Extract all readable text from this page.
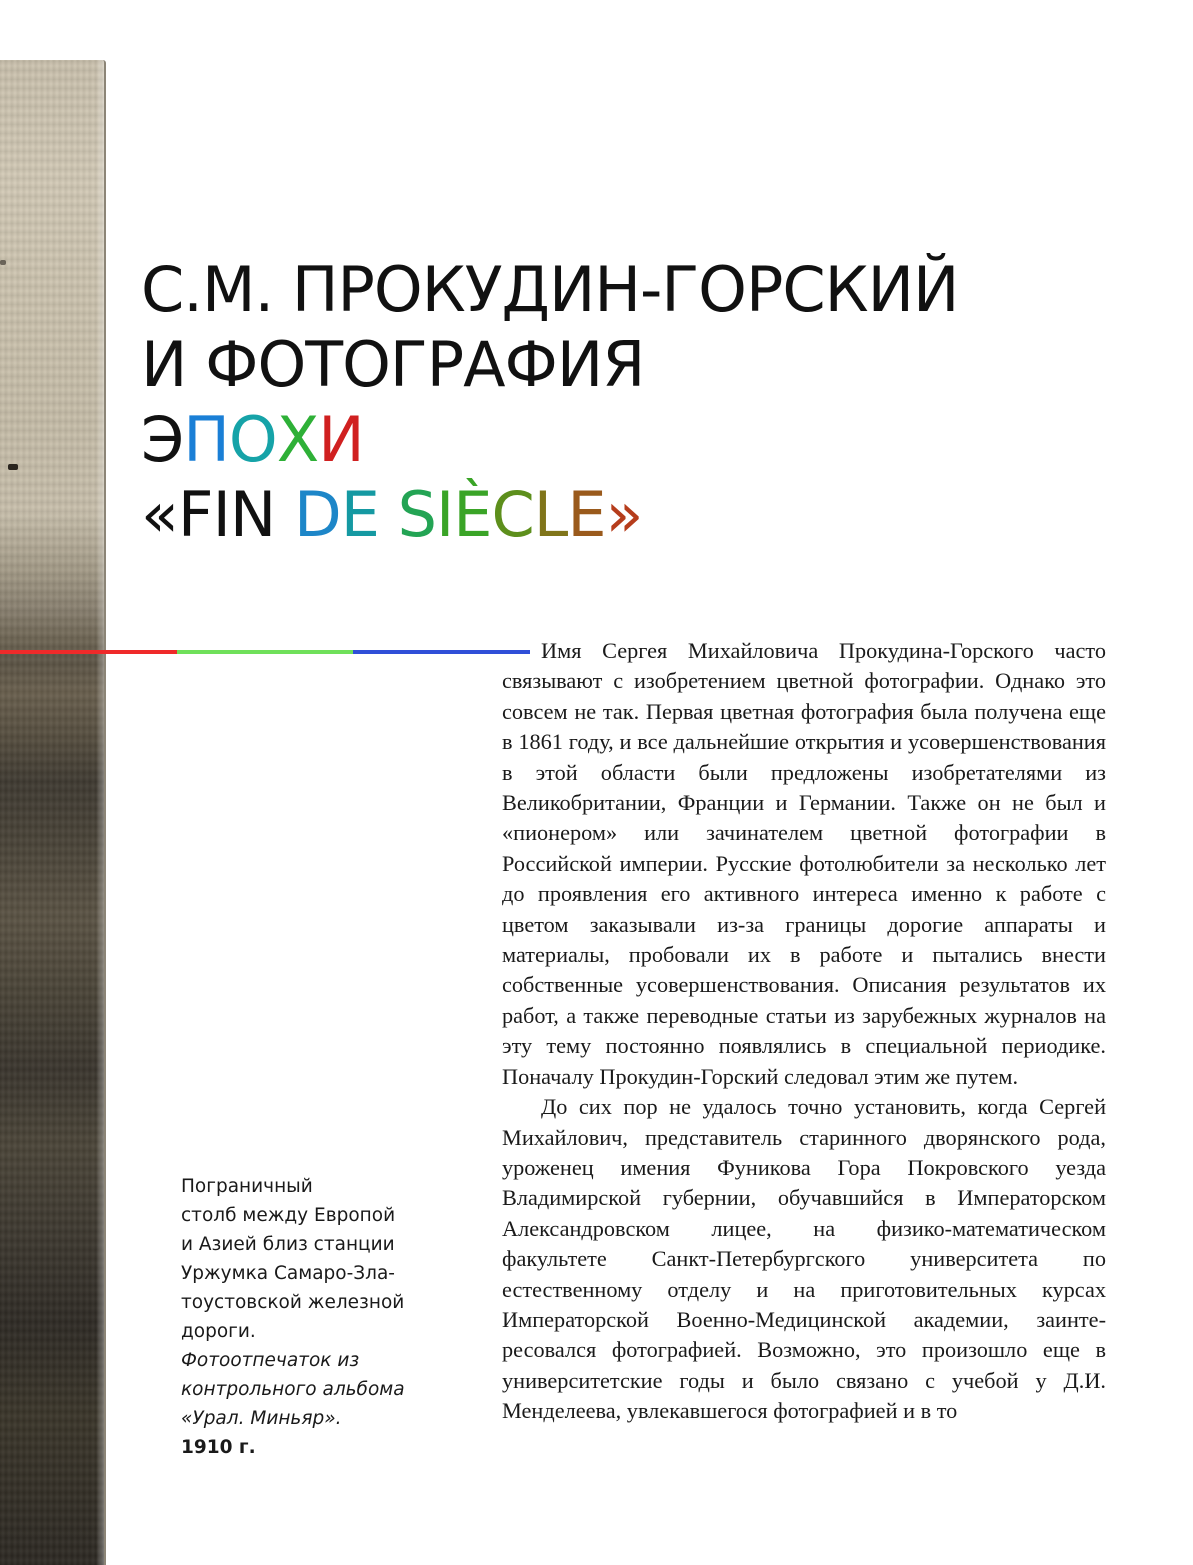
С.М. ПРОКУДИН-ГОРСКИЙ
И ФОТОГРАФИЯ
ЭПОХИ
«FIN DE SIÈCLE»

Имя Сергея Михайловича Прокудина-Горского часто связывают с изобретением цветной фотографии. Однако это совсем не так. Первая цветная фотография была получена еще в 1861 году, и все дальнейшие открытия и усовершенствования в этой области были предложены изобретателями из Великобритании, Франции и Германии. Также он не был и «пионером» или зачинателем цветной фотографии в Российской империи. Русские фотолюбители за несколько лет до проявления его активного интереса именно к работе с цветом заказывали из-за границы дорогие аппараты и материалы, пробовали их в работе и пытались внести собственные усовершенствования. Описания результатов их работ, а также переводные статьи из зарубежных журналов на эту тему постоянно появлялись в специальной периодике. Поначалу Прокудин-Горский следовал этим же путем.

До сих пор не удалось точно установить, когда Сергей Михайлович, представитель старинного дворянского рода, уроженец имения Фуникова Гора Покровского уезда Владимирской губернии, обучавшийся в Императорском Александровском лицее, на физико-математическом факультете Санкт-Петербургского университета по естественному отделу и на приготовительных курсах Императорской Военно-Медицинской академии, заинтересовался фотографией. Возможно, это произошло еще в университетские годы и было связано с учебой у Д.И. Менделеева, увлекавшегося фотографией и в то

Пограничный
столб между Европой
и Азией близ станции
Уржумка Самаро-Зла-
тоустовской железной
дороги.
Фотоотпечаток из
контрольного альбома
«Урал. Миньяр».
1910 г.
